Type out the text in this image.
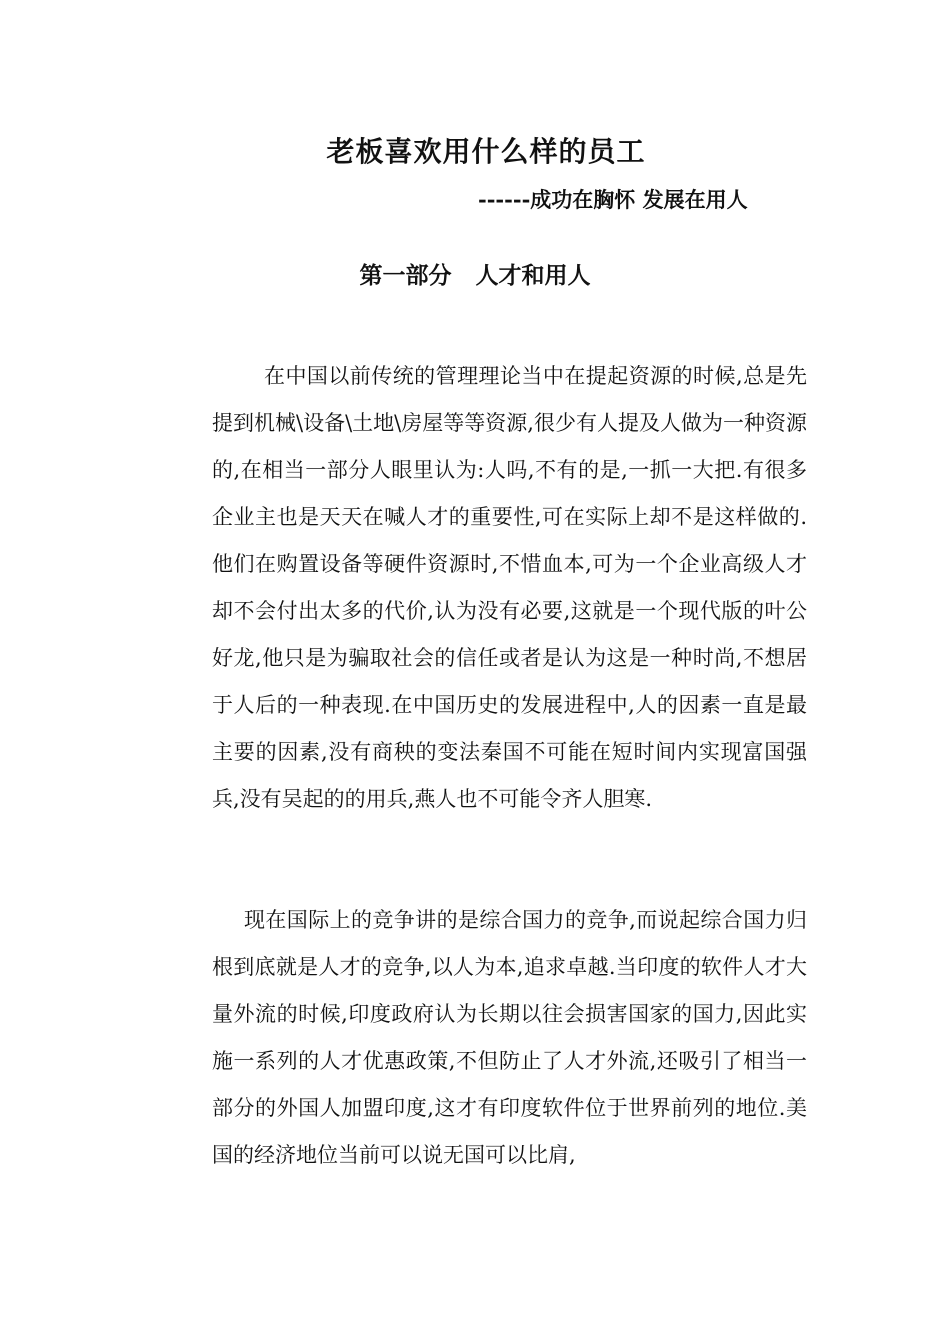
老板喜欢用什么样的员工
------成功在胸怀 发展在用人
第一部分   人才和用人

在中国以前传统的管理理论当中在提起资源的时候,总是先提到机械\设备\土地\房屋等等资源,很少有人提及人做为一种资源的,在相当一部分人眼里认为:人吗,不有的是,一抓一大把.有很多企业主也是天天在喊人才的重要性,可在实际上却不是这样做的.他们在购置设备等硬件资源时,不惜血本,可为一个企业高级人才却不会付出太多的代价,认为没有必要,这就是一个现代版的叶公好龙,他只是为骗取社会的信任或者是认为这是一种时尚,不想居于人后的一种表现.在中国历史的发展进程中,人的因素一直是最主要的因素,没有商秧的变法秦国不可能在短时间内实现富国强兵,没有吴起的的用兵,燕人也不可能令齐人胆寒.

现在国际上的竞争讲的是综合国力的竞争,而说起综合国力归根到底就是人才的竞争,以人为本,追求卓越.当印度的软件人才大量外流的时候,印度政府认为长期以往会损害国家的国力,因此实施一系列的人才优惠政策,不但防止了人才外流,还吸引了相当一部分的外国人加盟印度,这才有印度软件位于世界前列的地位.美国的经济地位当前可以说无国可以比肩,
